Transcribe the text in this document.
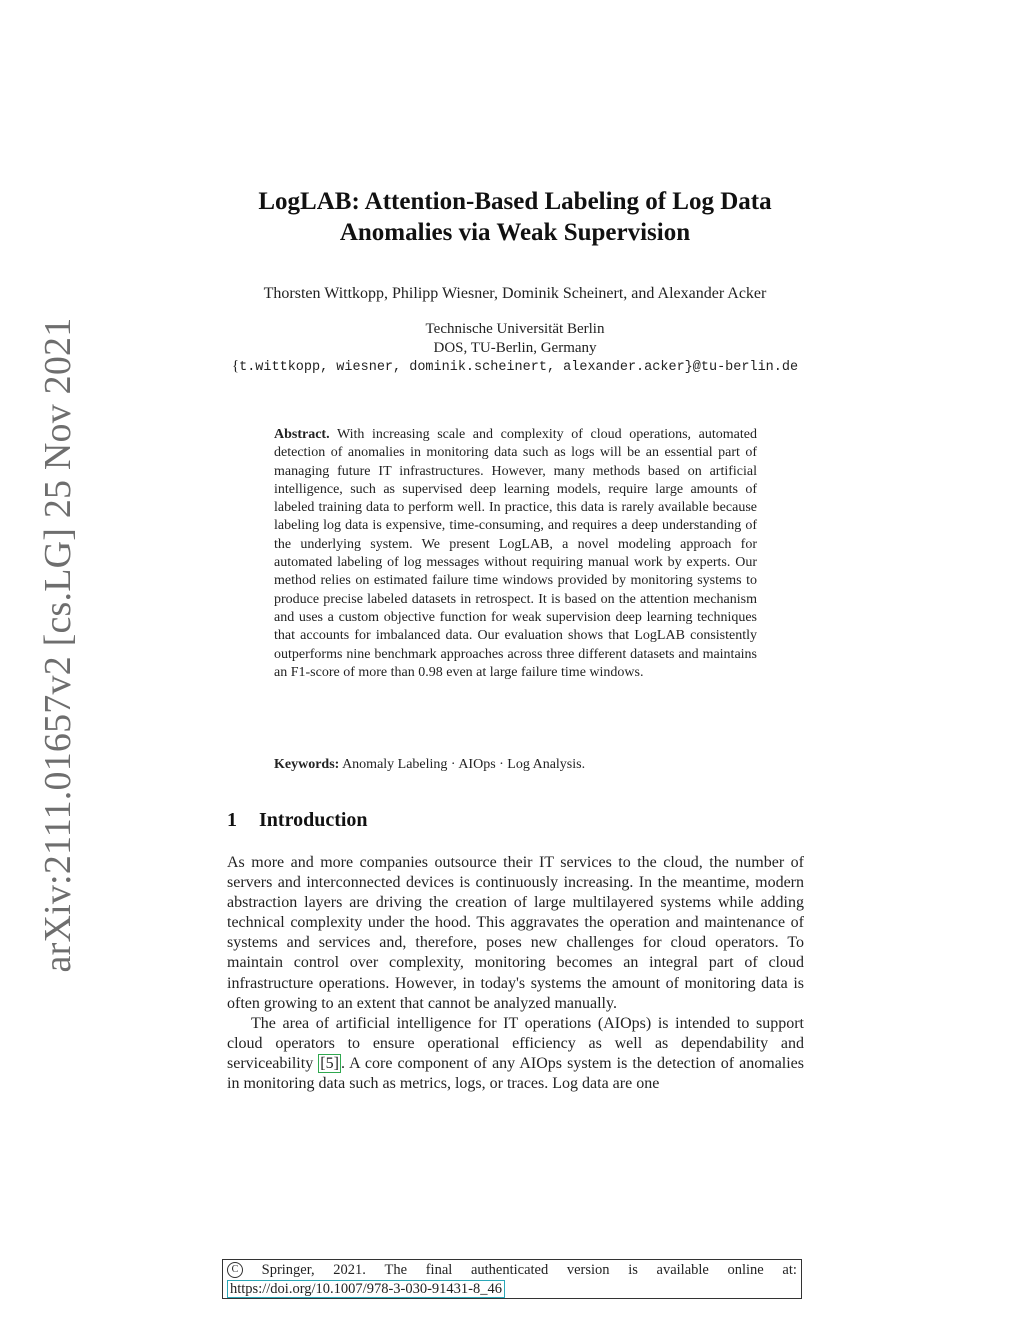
arXiv:2111.01657v2 [cs.LG] 25 Nov 2021
LogLAB: Attention-Based Labeling of Log Data
Anomalies via Weak Supervision
Thorsten Wittkopp, Philipp Wiesner, Dominik Scheinert, and Alexander Acker
Technische Universität Berlin
DOS, TU-Berlin, Germany
{t.wittkopp, wiesner, dominik.scheinert, alexander.acker}@tu-berlin.de
Abstract. With increasing scale and complexity of cloud operations, automated detection of anomalies in monitoring data such as logs will be an essential part of managing future IT infrastructures. However, many methods based on artificial intelligence, such as supervised deep learning models, require large amounts of labeled training data to perform well. In practice, this data is rarely available because labeling log data is expensive, time-consuming, and requires a deep understanding of the underlying system. We present LogLAB, a novel modeling approach for automated labeling of log messages without requiring manual work by experts. Our method relies on estimated failure time windows provided by monitoring systems to produce precise labeled datasets in retrospect. It is based on the attention mechanism and uses a custom objective function for weak supervision deep learning techniques that accounts for imbalanced data. Our evaluation shows that LogLAB consistently outperforms nine benchmark approaches across three different datasets and maintains an F1-score of more than 0.98 even at large failure time windows.
Keywords: Anomaly Labeling · AIOps · Log Analysis.
1 Introduction

As more and more companies outsource their IT services to the cloud, the number of servers and interconnected devices is continuously increasing. In the meantime, modern abstraction layers are driving the creation of large multilayered systems while adding technical complexity under the hood. This aggravates the operation and maintenance of systems and services and, therefore, poses new challenges for cloud operators. To maintain control over complexity, monitoring becomes an integral part of cloud infrastructure operations. However, in today's systems the amount of monitoring data is often growing to an extent that cannot be analyzed manually.

The area of artificial intelligence for IT operations (AIOps) is intended to support cloud operators to ensure operational efficiency as well as dependability and serviceability [5] . A core component of any AIOps system is the detection of anomalies in monitoring data such as metrics, logs, or traces. Log data are one

C	Springer, 2021. The final authenticated version is available online at:
https://doi.org/10.1007/978-3-030-91431-8_46
